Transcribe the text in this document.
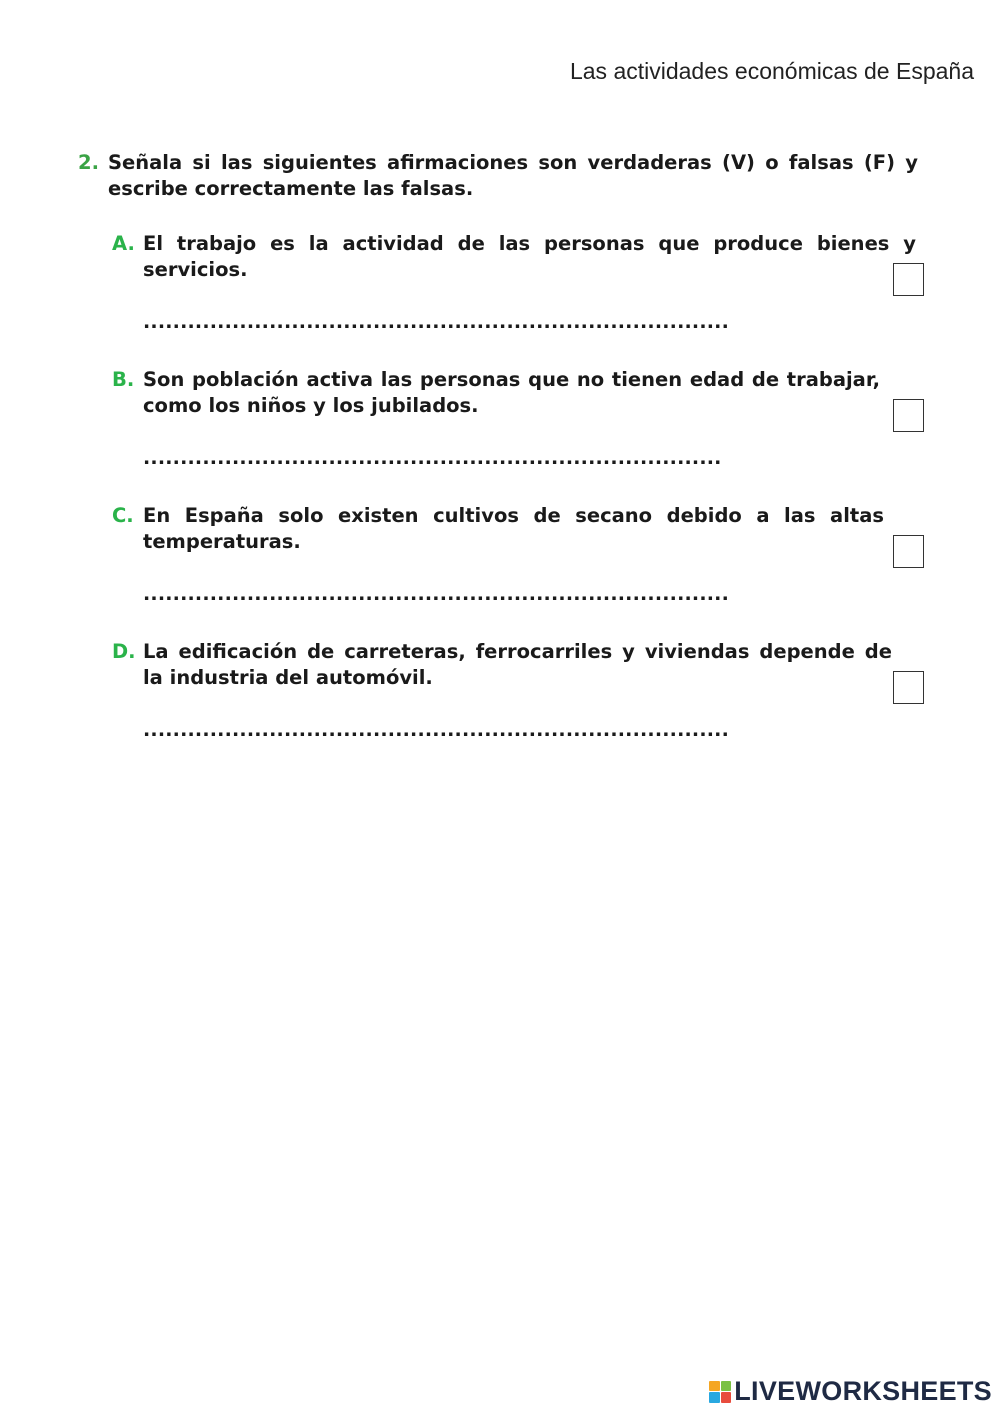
Las actividades económicas de España
2. Señala si las siguientes afirmaciones son verdaderas (V) o falsas (F) y escribe correctamente las falsas.
A. El trabajo es la actividad de las personas que produce bienes y servicios.
...............................................................................
B. Son población activa las personas que no tienen edad de trabajar, como los niños y los jubilados.
..............................................................................
C. En España solo existen cultivos de secano debido a las altas temperaturas.
...............................................................................
D. La edificación de carreteras, ferrocarriles y viviendas depende de la industria del automóvil.
...............................................................................
LIVEWORKSHEETS
